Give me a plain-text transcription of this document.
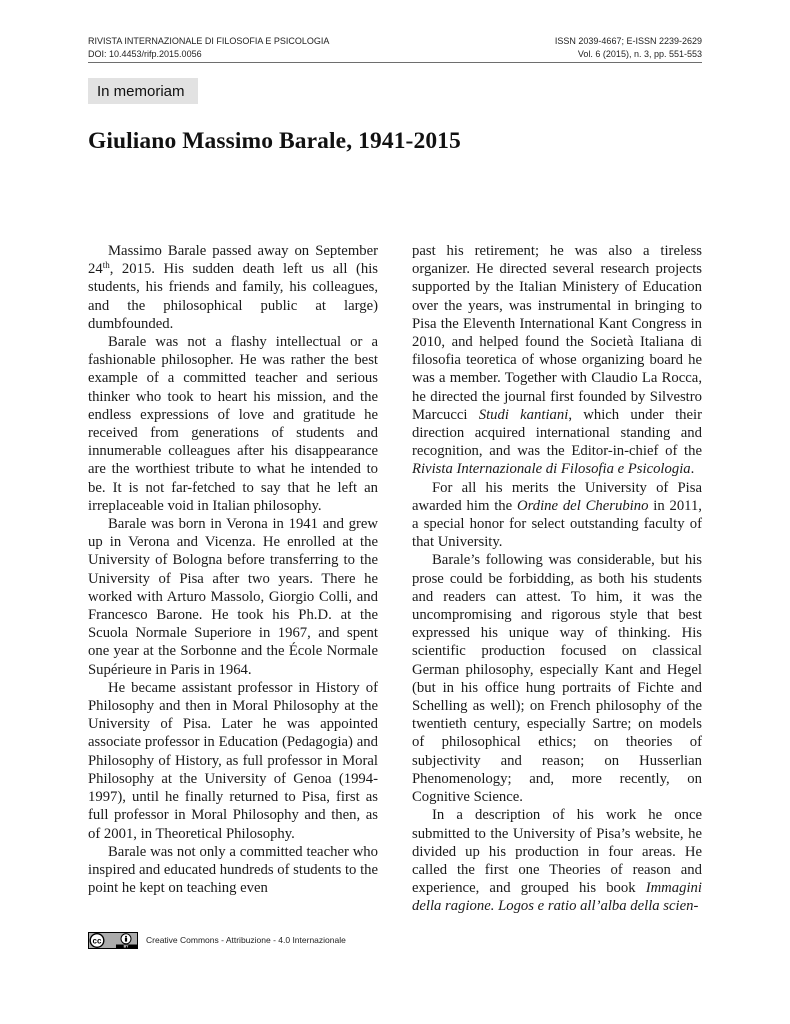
RIVISTA INTERNAZIONALE DI FILOSOFIA E PSICOLOGIA
DOI: 10.4453/rifp.2015.0056
ISSN 2039-4667; E-ISSN 2239-2629
Vol. 6 (2015), n. 3, pp. 551-553
In memoriam
Giuliano Massimo Barale, 1941-2015

Massimo Barale passed away on September 24th, 2015. His sudden death left us all (his students, his friends and family, his colleagues, and the philosophical public at large) dumbfounded.

Barale was not a flashy intellectual or a fashionable philosopher. He was rather the best example of a committed teacher and serious thinker who took to heart his mission, and the endless expressions of love and gratitude he received from generations of students and innumerable colleagues after his disappearance are the worthiest tribute to what he intended to be. It is not far-fetched to say that he left an irreplaceable void in Italian philosophy.

Barale was born in Verona in 1941 and grew up in Verona and Vicenza. He enrolled at the University of Bologna before transferring to the University of Pisa after two years. There he worked with Arturo Massolo, Giorgio Colli, and Francesco Barone. He took his Ph.D. at the Scuola Normale Superiore in 1967, and spent one year at the Sorbonne and the École Normale Supérieure in Paris in 1964.

He became assistant professor in History of Philosophy and then in Moral Philosophy at the University of Pisa. Later he was appointed associate professor in Education (Pedagogia) and Philosophy of History, as full professor in Moral Philosophy at the University of Genoa (1994-1997), until he finally returned to Pisa, first as full professor in Moral Philosophy and then, as of 2001, in Theoretical Philosophy.

Barale was not only a committed teacher who inspired and educated hundreds of students to the point he kept on teaching even

past his retirement; he was also a tireless organizer. He directed several research projects supported by the Italian Ministery of Education over the years, was instrumental in bringing to Pisa the Eleventh International Kant Congress in 2010, and helped found the Società Italiana di filosofia teoretica of whose organizing board he was a member. Together with Claudio La Rocca, he directed the journal first founded by Silvestro Marcucci Studi kantiani, which under their direction acquired international standing and recognition, and was the Editor-in-chief of the Rivista Internazionale di Filosofia e Psicologia.

For all his merits the University of Pisa awarded him the Ordine del Cherubino in 2011, a special honor for select outstanding faculty of that University.

Barale’s following was considerable, but his prose could be forbidding, as both his students and readers can attest. To him, it was the uncompromising and rigorous style that best expressed his unique way of thinking. His scientific production focused on classical German philosophy, especially Kant and Hegel (but in his office hung portraits of Fichte and Schelling as well); on French philosophy of the twentieth century, especially Sartre; on models of philosophical ethics; on theories of subjectivity and reason; on Husserlian Phenomenology; and, more recently, on Cognitive Science.

In a description of his work he once submitted to the University of Pisa’s website, he divided up his production in four areas. He called the first one Theories of reason and experience, and grouped his book Immagini della ragione. Logos e ratio all’alba della scien-

cc
BY
Creative Commons - Attribuzione - 4.0 Internazionale
